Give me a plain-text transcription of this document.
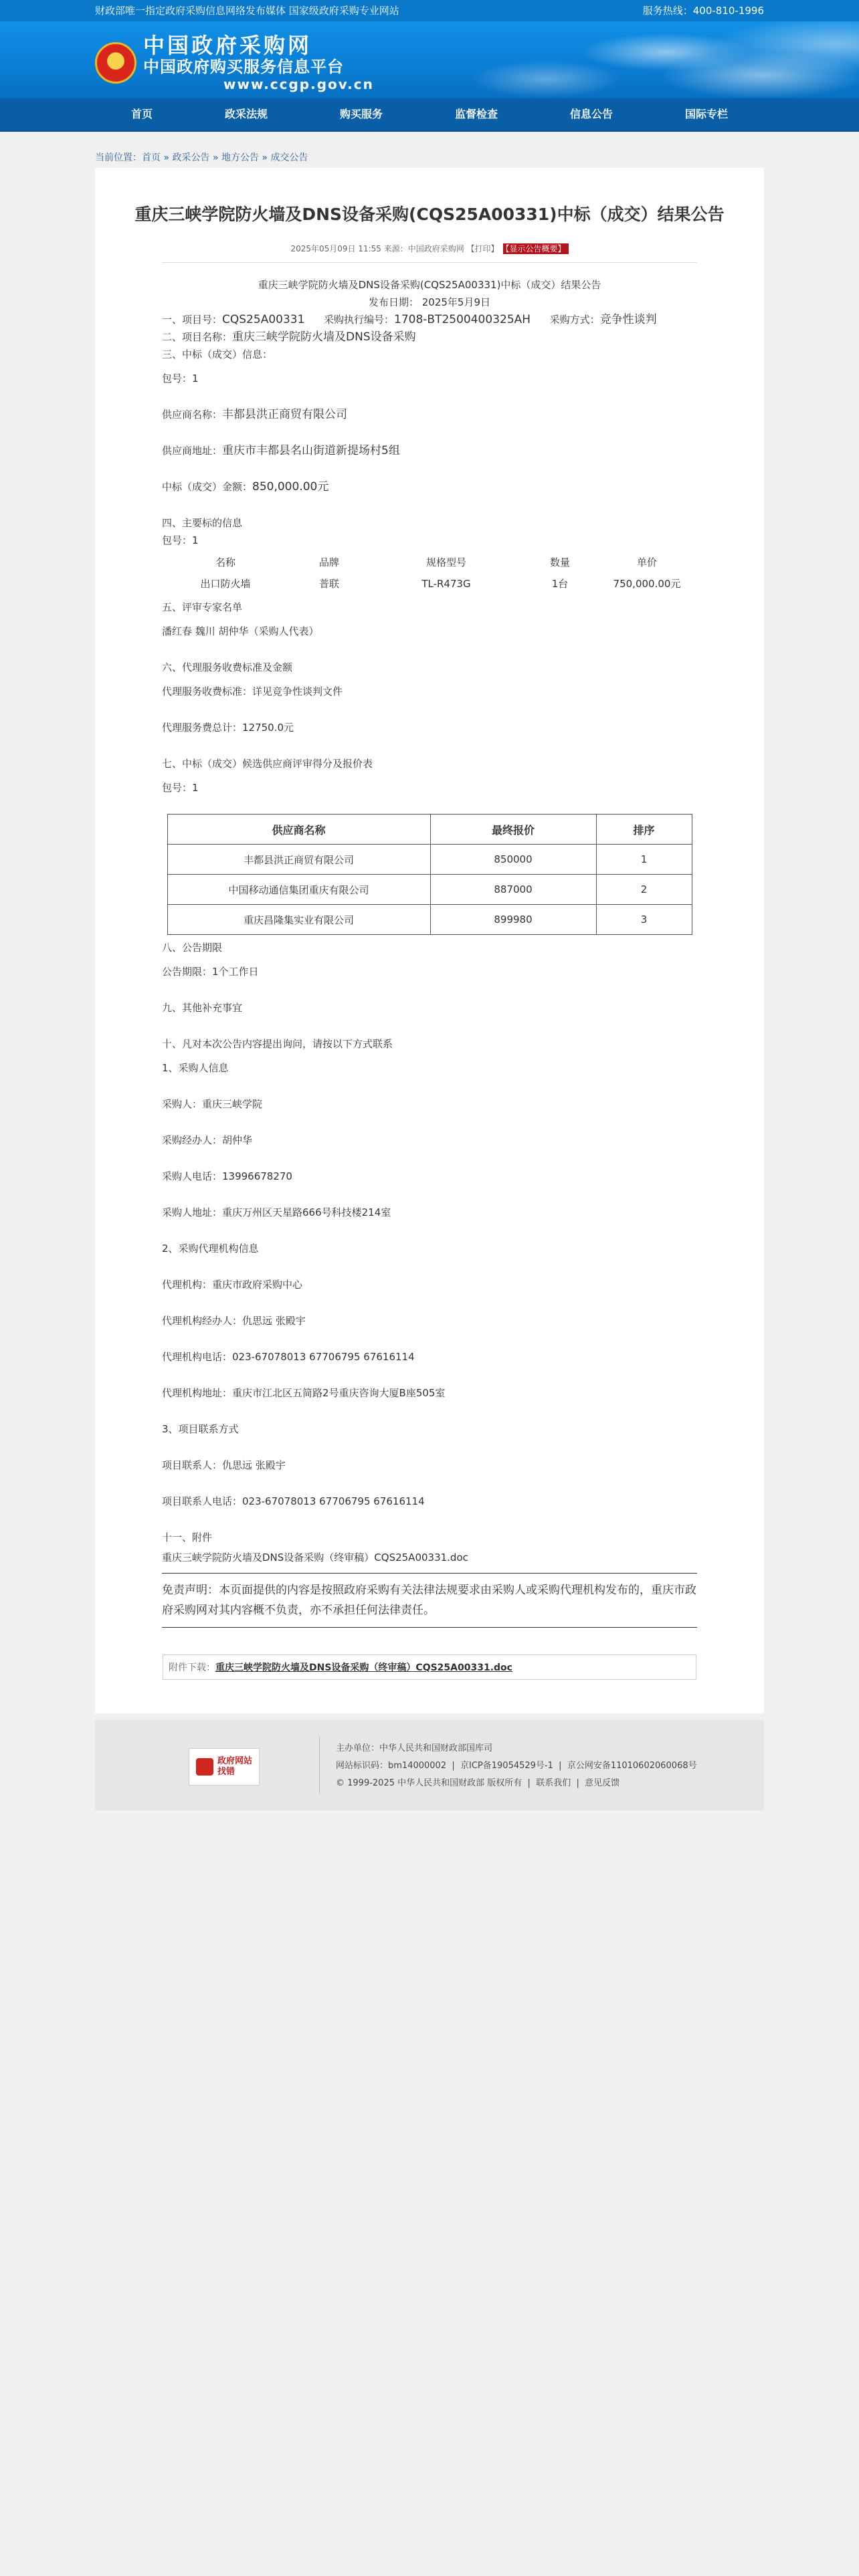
财政部唯一指定政府采购信息网络发布媒体 国家级政府采购专业网站	服务热线：400-810-1996
中国政府采购网
中国政府购买服务信息平台
www.ccgp.gov.cn
首页	政采法规	购买服务	监督检查	信息公告	国际专栏
当前位置：首页 » 政采公告 » 地方公告 » 成交公告
重庆三峡学院防火墙及DNS设备采购(CQS25A00331)中标（成交）结果公告
2025年05月09日 11:55 来源：中国政府采购网 【打印】 【显示公告概要】

重庆三峡学院防火墙及DNS设备采购(CQS25A00331)中标（成交）结果公告

发布日期： 2025年5月9日

一、项目号：CQS25A00331 采购执行编号：1708-BT2500400325AH 采购方式：竞争性谈判

二、项目名称：重庆三峡学院防火墙及DNS设备采购

三、中标（成交）信息：

包号：1

供应商名称：丰都县洪正商贸有限公司

供应商地址：重庆市丰都县名山街道新提场村5组

中标（成交）金额：850,000.00元

四、主要标的信息

包号：1

名称	品牌	规格型号	数量	单价
出口防火墙	普联	TL-R473G	1台	750,000.00元

五、评审专家名单

潘红春 魏川 胡仲华（采购人代表）

六、代理服务收费标准及金额

代理服务收费标准：详见竞争性谈判文件

代理服务费总计：12750.0元

七、中标（成交）候选供应商评审得分及报价表

包号：1

供应商名称	最终报价	排序
丰都县洪正商贸有限公司	850000	1
中国移动通信集团重庆有限公司	887000	2
重庆昌隆集实业有限公司	899980	3

八、公告期限

公告期限：1个工作日

九、其他补充事宜

十、凡对本次公告内容提出询问，请按以下方式联系

1、采购人信息

采购人：重庆三峡学院

采购经办人：胡仲华

采购人电话：13996678270

采购人地址：重庆万州区天星路666号科技楼214室

2、采购代理机构信息

代理机构：重庆市政府采购中心

代理机构经办人：仇思远 张殿宇

代理机构电话：023-67078013 67706795 67616114

代理机构地址：重庆市江北区五简路2号重庆咨询大厦B座505室

3、项目联系方式

项目联系人：仇思远 张殿宇

项目联系人电话：023-67078013 67706795 67616114

十一、附件

重庆三峡学院防火墙及DNS设备采购（终审稿）CQS25A00331.doc

免责声明：本页面提供的内容是按照政府采购有关法律法规要求由采购人或采购代理机构发布的，重庆市政府采购网对其内容概不负责，亦不承担任何法律责任。
附件下载：重庆三峡学院防火墙及DNS设备采购（终审稿）CQS25A00331.doc
政府网站
找错
主办单位：中华人民共和国财政部国库司
网站标识码：bm14000002  |  京ICP备19054529号-1  |  京公网安备11010602060068号
© 1999-2025 中华人民共和国财政部 版权所有  |  联系我们  |  意见反馈
